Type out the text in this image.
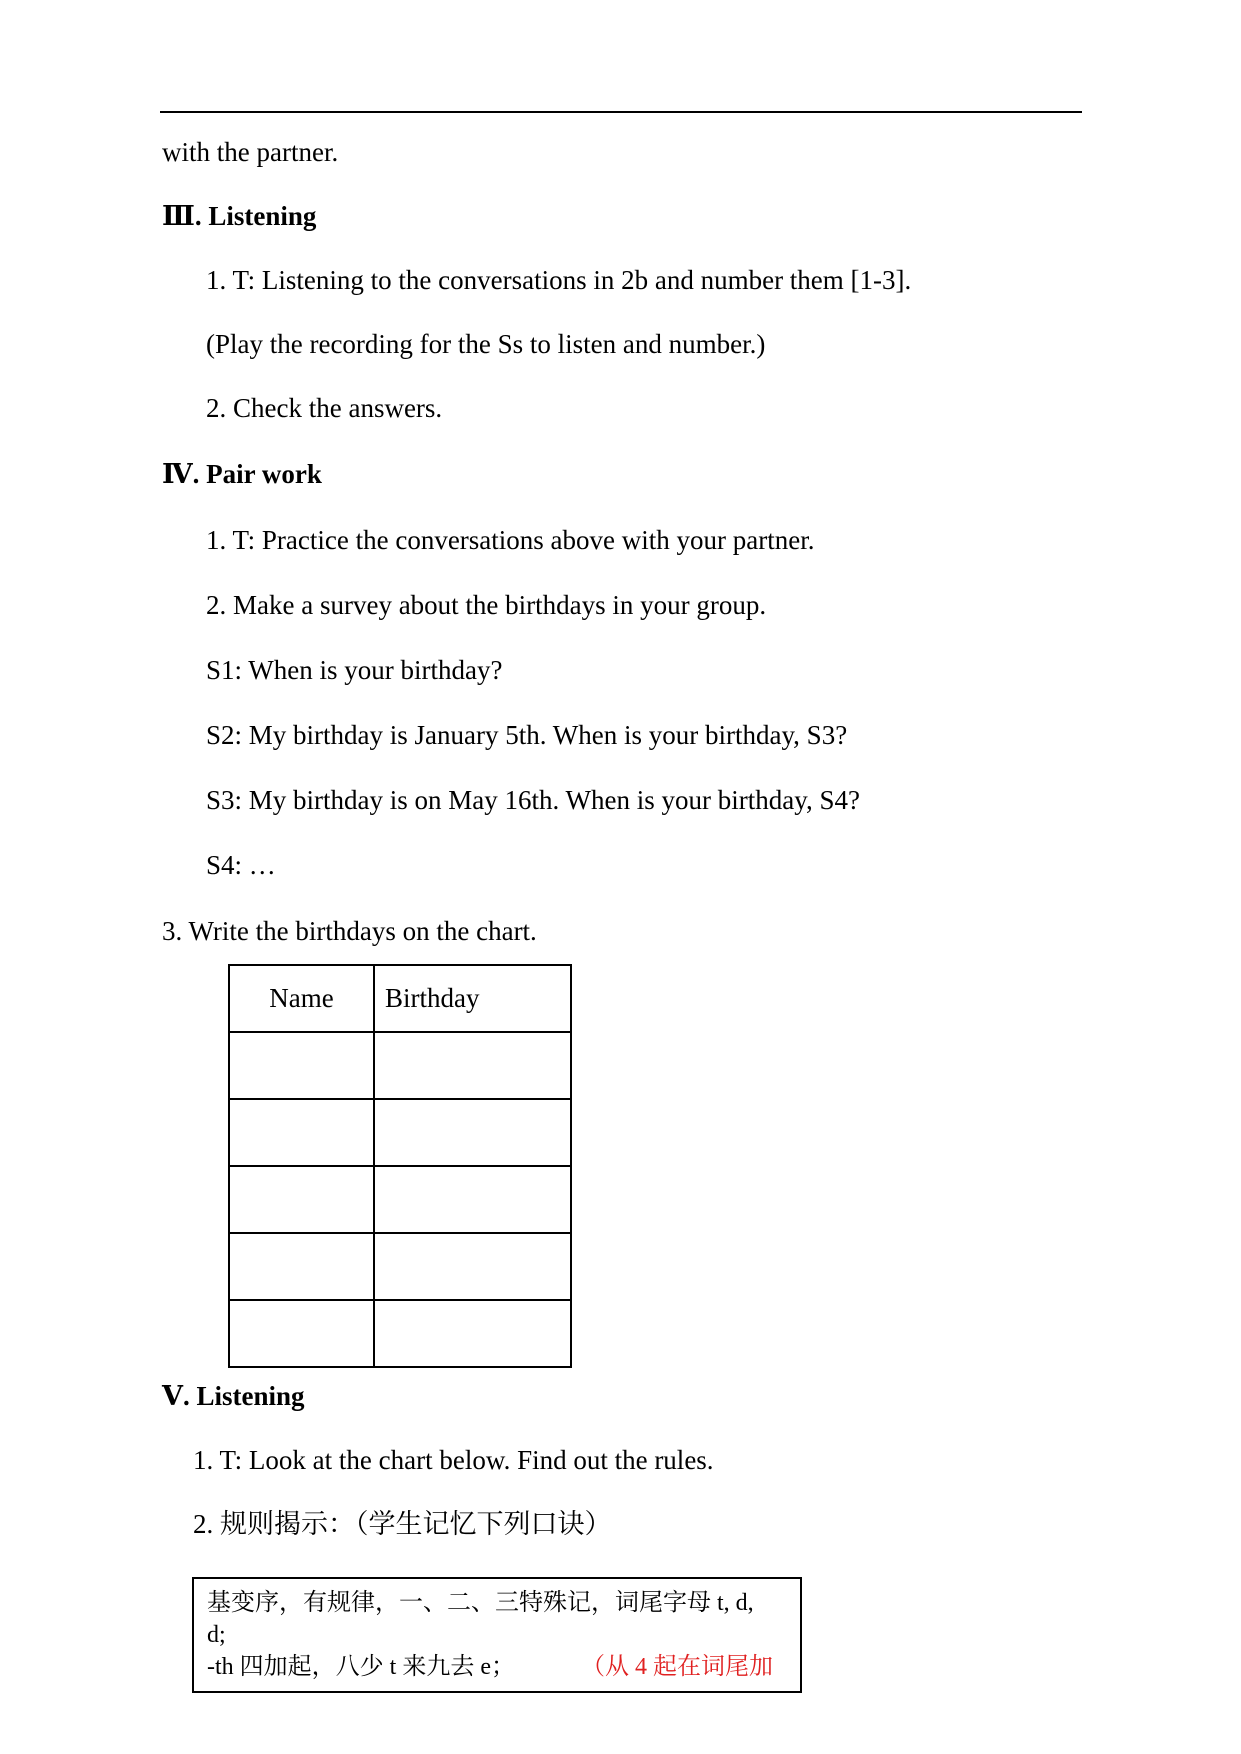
with the partner.
Ⅲ. Listening
1. T: Listening to the conversations in 2b and number them [1-3].
(Play the recording for the Ss to listen and number.)
2. Check the answers.
Ⅳ. Pair work
1. T: Practice the conversations above with your partner.
2. Make a survey about the birthdays in your group.
S1: When is your birthday?
S2: My birthday is January 5th. When is your birthday, S3?
S3: My birthday is on May 16th. When is your birthday, S4?
S4: …
3. Write the birthdays on the chart.
Name	Birthday

Ⅴ. Listening
1. T: Look at the chart below. Find out the rules.
2. 规则揭示：（学生记忆下列口诀）
基变序，有规律，一、二、三特殊记，词尾字母 t, d,
d;
-th 四加起，八少 t 来九去 e；	（从 4 起在词尾加
